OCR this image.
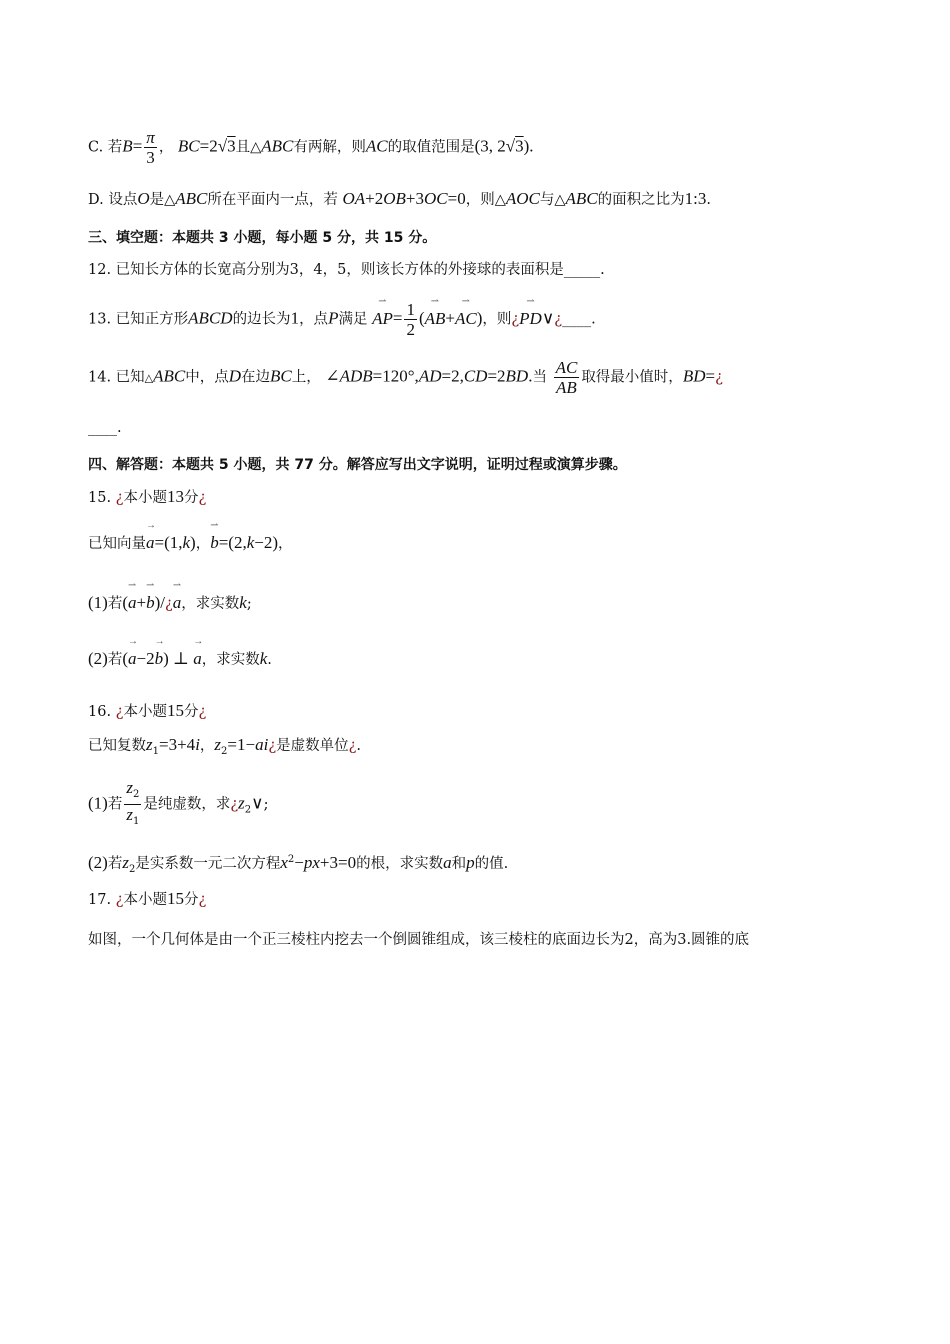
C. 若$B= \frac{\pi}{3}$ ， BC=2√3且△ABC有两解，则AC的取值范围是(3, 2√3).
D. 设点O是△ABC所在平面内一点，若 OA+2OB+3OC=0，则△AOC与△ABC的面积之比为1:3.
三、填空题：本题共 3 小题，每小题 5 分，共 15 分。
12. 已知长方体的长宽高分别为3，4，5，则该长方体的外接球的表面积是_____.
13. 已知正方形ABCD的边长为1，点P满足
⇀
$AP= \frac{1}{2}$ (
⇀
AB+
⇀
AC)，则¿
⇀
PD∨¿____.
14. 已知△ABC中，点D在边BC上， ∠ADB=120°,AD=2,CD=2BD.当 $\frac{AC}{AB}$ 取得最小值时，BD=¿
____.
四、解答题：本题共 5 小题，共 77 分。解答应写出文字说明，证明过程或演算步骤。
15. ¿本小题13分¿
已知向量
→
a=(1,k)，
⇀
b=(2,k−2)，
(1)若(
⇀
a+
⇀
b)/¿
⇀
a，求实数k;
(2)若(
→
a−2
→
b) ⊥
→
a，求实数k.
16. ¿本小题15分¿
已知复数$z_1=3+4i$，$z_2=1-ai¿$是虚数单位¿.
(1)若 $\frac{z_2}{z_1}$ 是纯虚数，求¿$z_2\vee$;
(2)若$z_2$是实系数一元二次方程$x^2-px+3=0$的根，求实数a和p的值.
17. ¿本小题15分¿
如图，一个几何体是由一个正三棱柱内挖去一个倒圆锥组成，该三棱柱的底面边长为2，高为3.圆锥的底
